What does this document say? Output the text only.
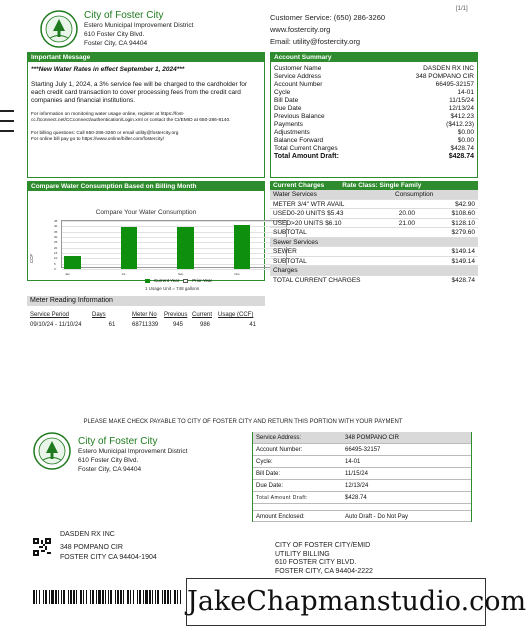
City of Foster City
Estero Municipal Improvement District
610 Foster City Blvd.
Foster City, CA 94404
Customer Service: (650) 286-3260
www.fostercity.org
Email: utility@fostercity.org
[1/1]
Important Message
***New Water Rates in effect September 1, 2024***
Starting July 1, 2024, a 3% service fee will be charged to the cardholder for each credit card transaction to cover processing fees from the credit card companies and financial institutions.
For information on monitoring water usage online, register at https://fost-cc.ftconnect.net/CCconnect/authentication/Login.xml or contact the CI/EMID at 650-286-8140.
For billing questions: Call 650-286-3260 or email utility@fostercity.org
For online bill pay go to https://www.online/biller.com/fostercity/
Account Summary
Customer Name	DASDEN RX INC
Service Address	348 POMPANO CIR
Account Number	66495-32157
Cycle	14-01
Bill Date	11/15/24
Due Date	12/13/24
Previous Balance	$412.23
Payments	($412.23)
Adjustments	$0.00
Balance Forward	$0.00
Total Current Charges	$428.74
Total Amount Draft:	$428.74
Compare Water Consumption Based on Billing Month
Compare Your Water Consumption
CCF
0
5
10
15
20
25
30
35
40
45
Jan	Jul	Sep	Nov
Current Year	Prior Year
1 Usage Unit = 748 gallons
Meter Reading Information
Service Period	Days	Meter No	Previous Current Usage (CCF)
09/10/24 - 11/10/24	61	68711339	945	986	41
Current Charges	Rate Class: Single Family
Water Services	Consumption
METER 3/4" WTR AVAIL	$42.90
USED0-20 UNITS $5.43	20.00	$108.60
USED>20 UNITS $6.10	21.00	$128.10
SUBTOTAL	$279.60
Sewer Services
SEWER	$149.14
SUBTOTAL	$149.14
Charges
TOTAL CURRENT CHARGES	$428.74
PLEASE MAKE CHECK PAYABLE TO CITY OF FOSTER CITY AND RETURN THIS PORTION WITH YOUR PAYMENT
City of Foster City
Estero Municipal Improvement District
610 Foster City Blvd.
Foster City, CA 94404
Service Address:	348 POMPANO CIR
Account Number:	66495-32157
Cycle:	14-01
Bill Date:	11/15/24
Due Date:	12/13/24
Total Amount Draft:	$428.74
Amount Enclosed:	Auto Draft - Do Not Pay
DASDEN RX INC
348 POMPANO CIR
FOSTER CITY CA 94404-1904
CITY OF FOSTER CITY/EMID
UTILITY BILLING
610 FOSTER CITY BLVD.
FOSTER CITY, CA 94404-2222
JakeChapmanstudio.com
